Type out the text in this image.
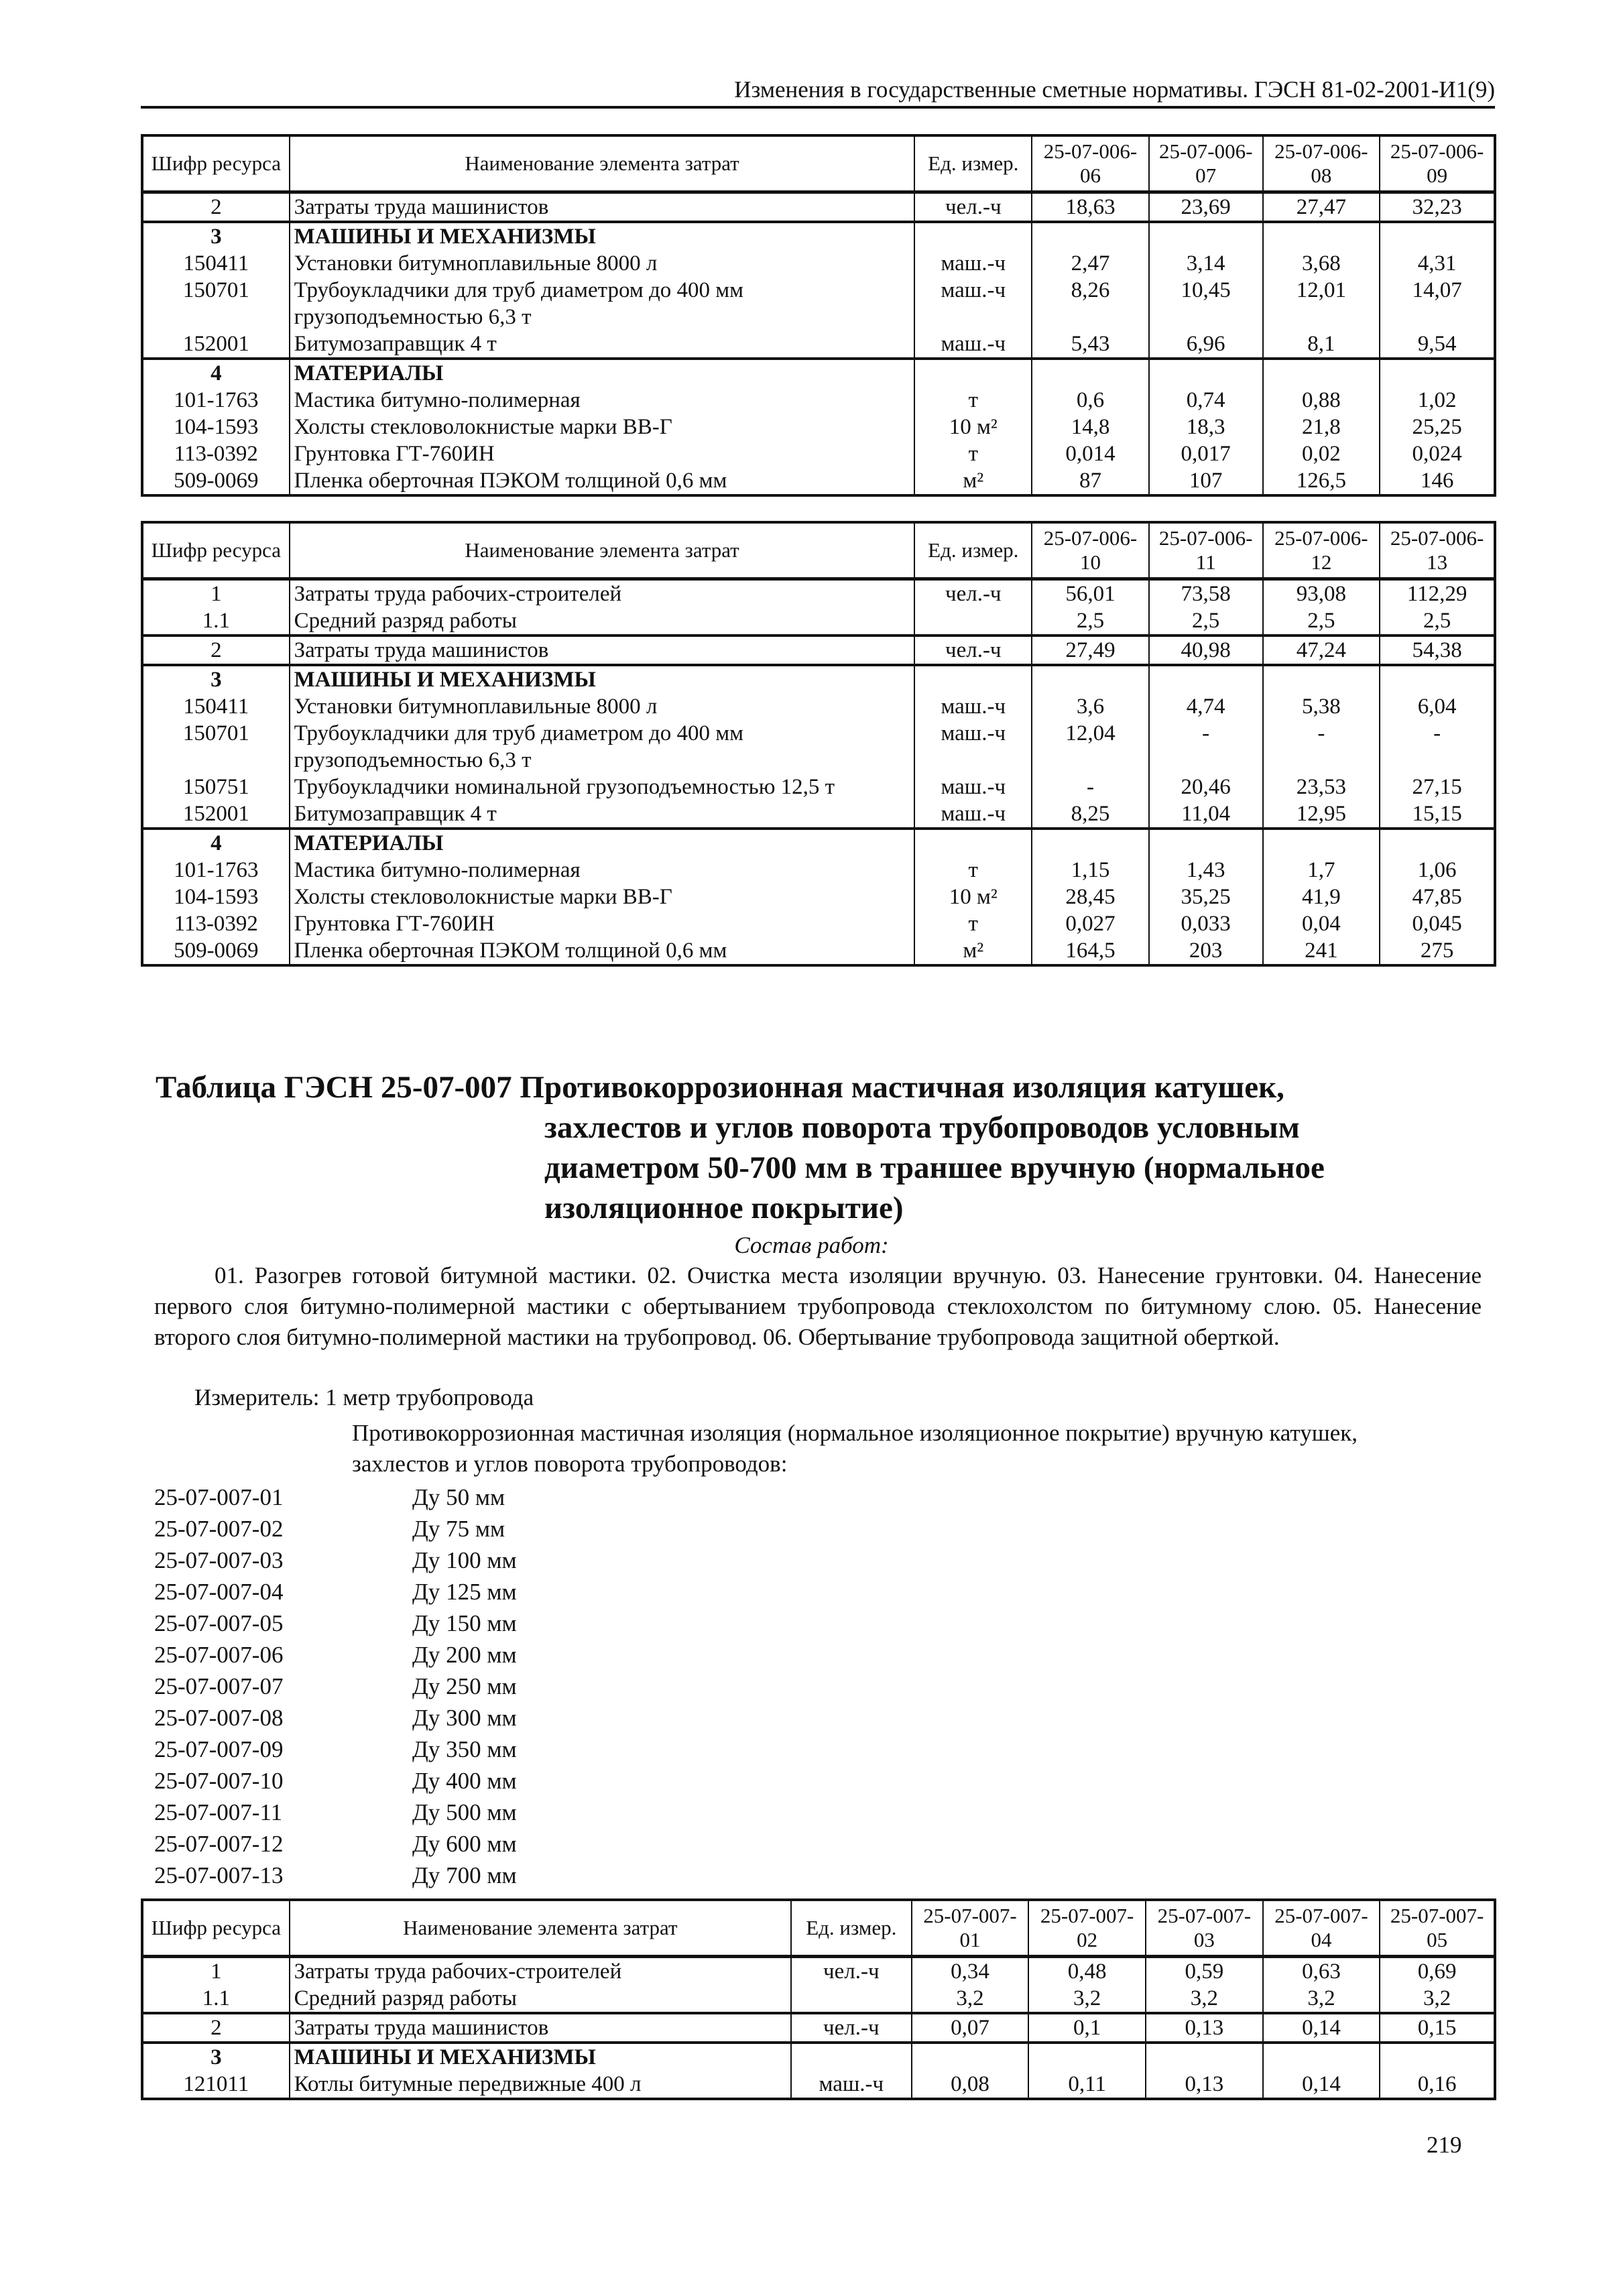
Изменения в государственные сметные нормативы. ГЭСН 81-02-2001-И1(9)
Шифр ресурса	Наименование элемента затрат	Ед. измер.	25-07-006-06	25-07-006-07	25-07-006-08	25-07-006-09
2	Затраты труда машинистов	чел.-ч	18,63	23,69	27,47	32,23
3	МАШИНЫ И МЕХАНИЗМЫ					
150411	Установки битумноплавильные 8000 л	маш.-ч	2,47	3,14	3,68	4,31
150701	Трубоукладчики для труб диаметром до 400 мм грузоподъемностью 6,3 т	маш.-ч	8,26	10,45	12,01	14,07
152001	Битумозаправщик 4 т	маш.-ч	5,43	6,96	8,1	9,54
4	МАТЕРИАЛЫ					
101-1763	Мастика битумно-полимерная	т	0,6	0,74	0,88	1,02
104-1593	Холсты стекловолокнистые марки ВВ-Г	10 м²	14,8	18,3	21,8	25,25
113-0392	Грунтовка ГТ-760ИН	т	0,014	0,017	0,02	0,024
509-0069	Пленка оберточная ПЭКОМ толщиной 0,6 мм	м²	87	107	126,5	146
Шифр ресурса	Наименование элемента затрат	Ед. измер.	25-07-006-10	25-07-006-11	25-07-006-12	25-07-006-13
1	Затраты труда рабочих-строителей	чел.-ч	56,01	73,58	93,08	112,29
1.1	Средний разряд работы		2,5	2,5	2,5	2,5
2	Затраты труда машинистов	чел.-ч	27,49	40,98	47,24	54,38
3	МАШИНЫ И МЕХАНИЗМЫ					
150411	Установки битумноплавильные 8000 л	маш.-ч	3,6	4,74	5,38	6,04
150701	Трубоукладчики для труб диаметром до 400 мм грузоподъемностью 6,3 т	маш.-ч	12,04	-	-	-
150751	Трубоукладчики номинальной грузоподъемностью 12,5 т	маш.-ч	-	20,46	23,53	27,15
152001	Битумозаправщик 4 т	маш.-ч	8,25	11,04	12,95	15,15
4	МАТЕРИАЛЫ					
101-1763	Мастика битумно-полимерная	т	1,15	1,43	1,7	1,06
104-1593	Холсты стекловолокнистые марки ВВ-Г	10 м²	28,45	35,25	41,9	47,85
113-0392	Грунтовка ГТ-760ИН	т	0,027	0,033	0,04	0,045
509-0069	Пленка оберточная ПЭКОМ толщиной 0,6 мм	м²	164,5	203	241	275
Таблица ГЭСН 25-07-007 Противокоррозионная мастичная изоляция катушек,
захлестов и углов поворота трубопроводов условным
диаметром 50-700 мм в траншее вручную (нормальное
изоляционное покрытие)
Состав работ:
01. Разогрев готовой битумной мастики. 02. Очистка места изоляции вручную. 03. Нанесение грунтовки. 04. Нанесение первого слоя битумно-полимерной мастики с обертыванием трубопровода стеклохолстом по битумному слою. 05. Нанесение второго слоя битумно-полимерной мастики на трубопровод. 06. Обертывание трубопровода защитной оберткой.
Измеритель: 1 метр трубопровода
Противокоррозионная мастичная изоляция (нормальное изоляционное покрытие) вручную катушек, захлестов и углов поворота трубопроводов:
25-07-007-01	Ду 50 мм
25-07-007-02	Ду 75 мм
25-07-007-03	Ду 100 мм
25-07-007-04	Ду 125 мм
25-07-007-05	Ду 150 мм
25-07-007-06	Ду 200 мм
25-07-007-07	Ду 250 мм
25-07-007-08	Ду 300 мм
25-07-007-09	Ду 350 мм
25-07-007-10	Ду 400 мм
25-07-007-11	Ду 500 мм
25-07-007-12	Ду 600 мм
25-07-007-13	Ду 700 мм
Шифр ресурса	Наименование элемента затрат	Ед. измер.	25-07-007-01	25-07-007-02	25-07-007-03	25-07-007-04	25-07-007-05
1	Затраты труда рабочих-строителей	чел.-ч	0,34	0,48	0,59	0,63	0,69
1.1	Средний разряд работы		3,2	3,2	3,2	3,2	3,2
2	Затраты труда машинистов	чел.-ч	0,07	0,1	0,13	0,14	0,15
3	МАШИНЫ И МЕХАНИЗМЫ						
121011	Котлы битумные передвижные 400 л	маш.-ч	0,08	0,11	0,13	0,14	0,16
219
